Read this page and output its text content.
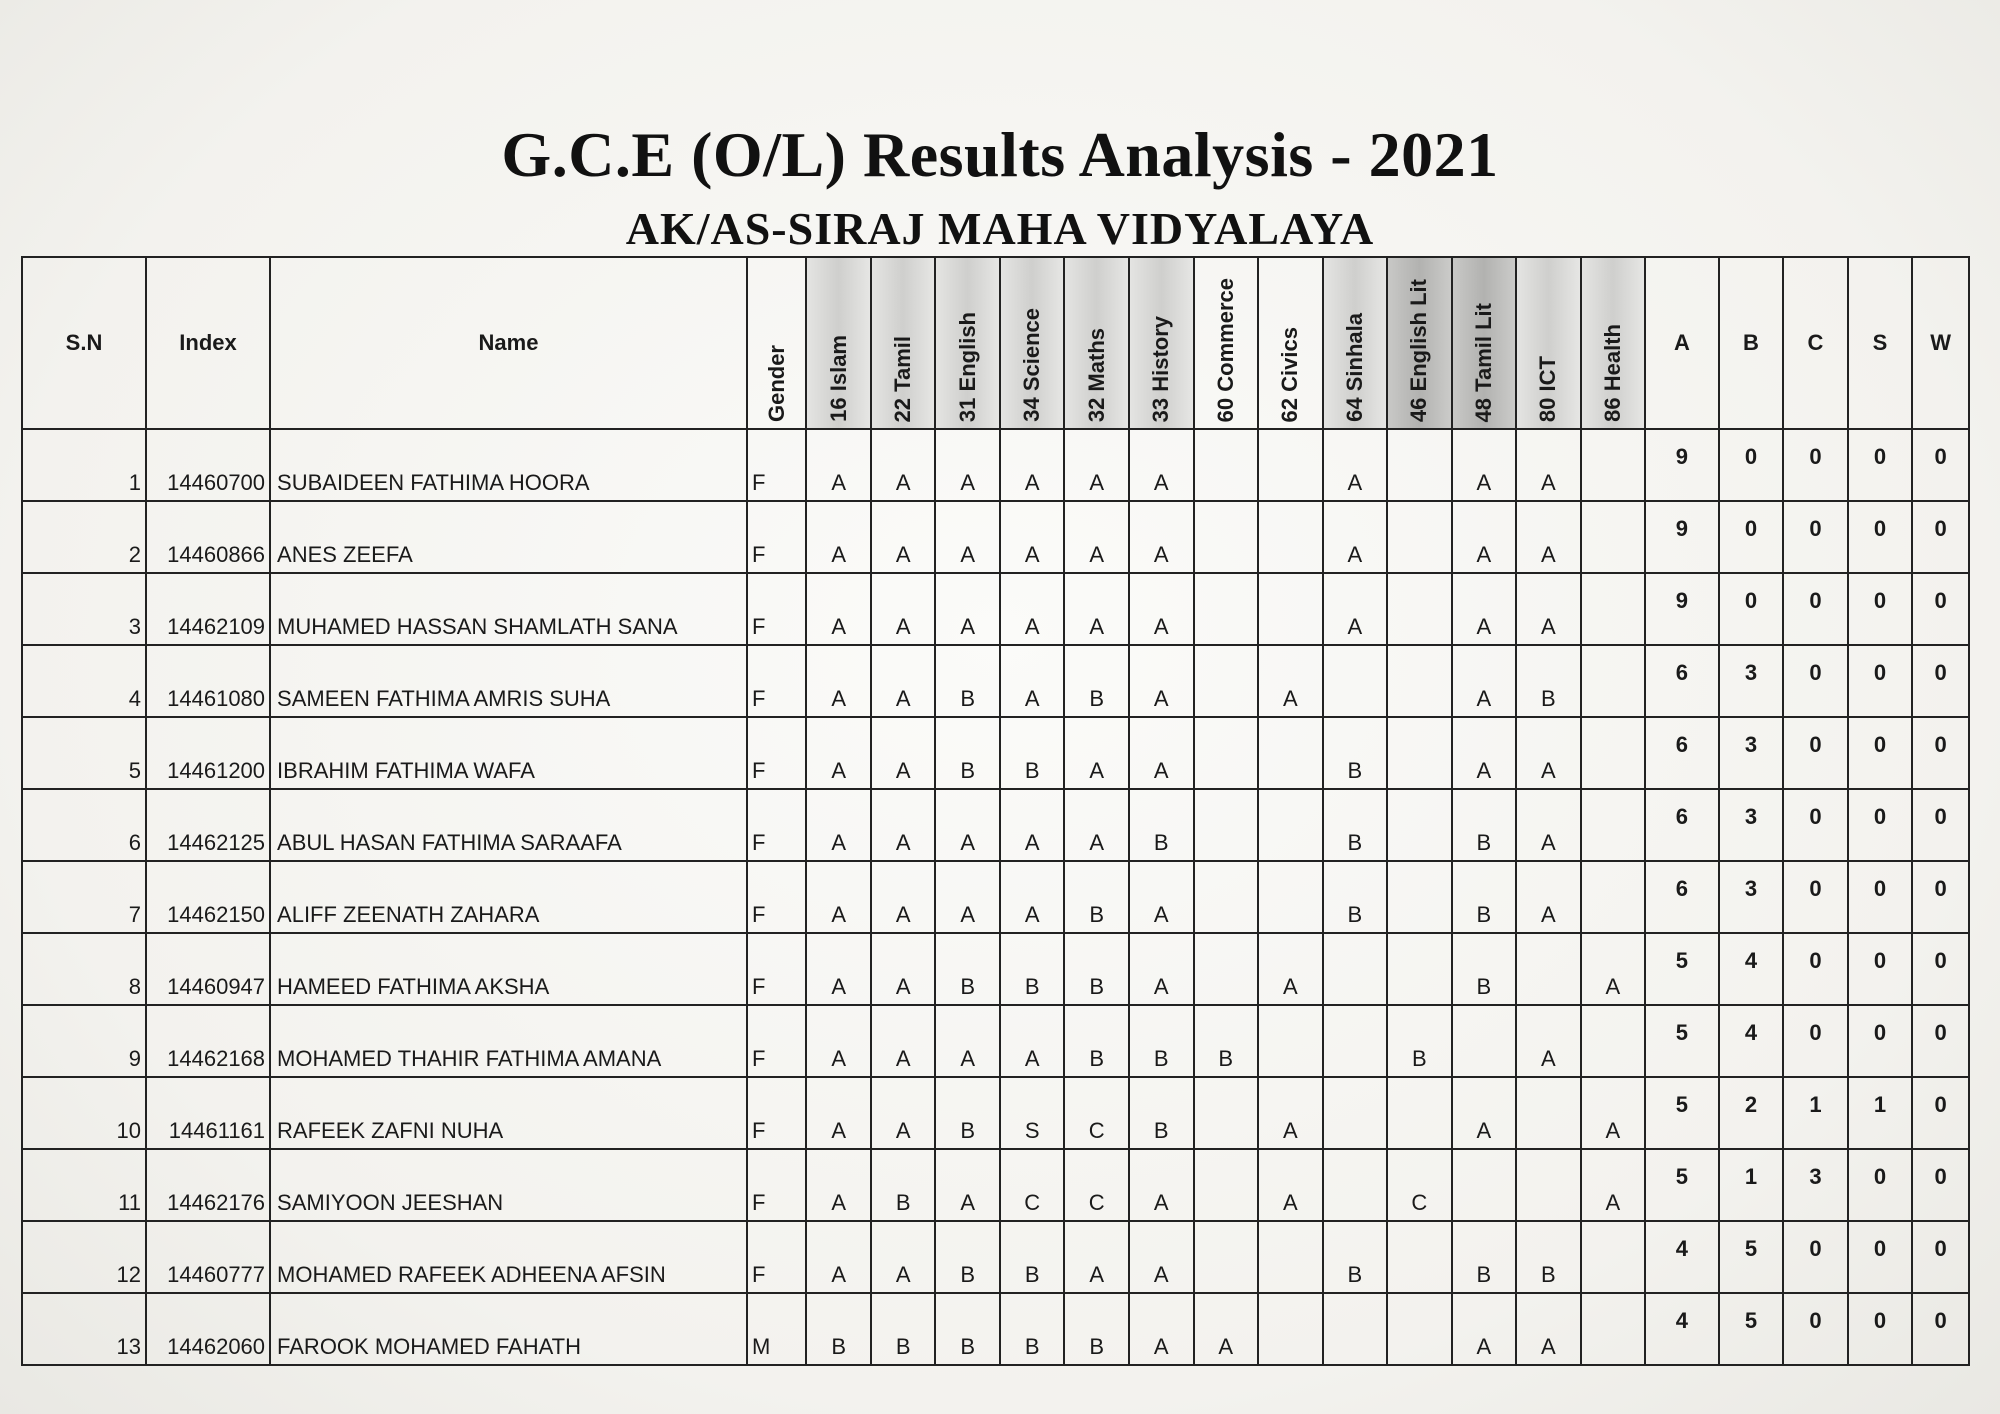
G.C.E (O/L) Results Analysis - 2021
AK/AS-SIRAJ MAHA VIDYALAYA
S.N	Index	Name	Gender	16 Islam	22 Tamil	31 English	34 Science	32 Maths	33 History	60 Commerce	62 Civics	64 Sinhala	46 English Lit	48 Tamil Lit	80 ICT	86 Health	A	B	C	S	W
1	14460700	SUBAIDEEN FATHIMA HOORA	F	A	A	A	A	A	A			A		A	A		9	0	0	0	0
2	14460866	ANES ZEEFA	F	A	A	A	A	A	A			A		A	A		9	0	0	0	0
3	14462109	MUHAMED HASSAN SHAMLATH SANA	F	A	A	A	A	A	A			A		A	A		9	0	0	0	0
4	14461080	SAMEEN FATHIMA AMRIS SUHA	F	A	A	B	A	B	A		A			A	B		6	3	0	0	0
5	14461200	IBRAHIM FATHIMA WAFA	F	A	A	B	B	A	A			B		A	A		6	3	0	0	0
6	14462125	ABUL HASAN FATHIMA SARAAFA	F	A	A	A	A	A	B			B		B	A		6	3	0	0	0
7	14462150	ALIFF ZEENATH ZAHARA	F	A	A	A	A	B	A			B		B	A		6	3	0	0	0
8	14460947	HAMEED FATHIMA AKSHA	F	A	A	B	B	B	A		A			B		A	5	4	0	0	0
9	14462168	MOHAMED THAHIR FATHIMA AMANA	F	A	A	A	A	B	B	B			B		A		5	4	0	0	0
10	14461161	RAFEEK ZAFNI NUHA	F	A	A	B	S	C	B		A			A		A	5	2	1	1	0
11	14462176	SAMIYOON JEESHAN	F	A	B	A	C	C	A		A		C			A	5	1	3	0	0
12	14460777	MOHAMED RAFEEK ADHEENA AFSIN	F	A	A	B	B	A	A			B		B	B		4	5	0	0	0
13	14462060	FAROOK MOHAMED FAHATH	M	B	B	B	B	B	A	A				A	A		4	5	0	0	0
